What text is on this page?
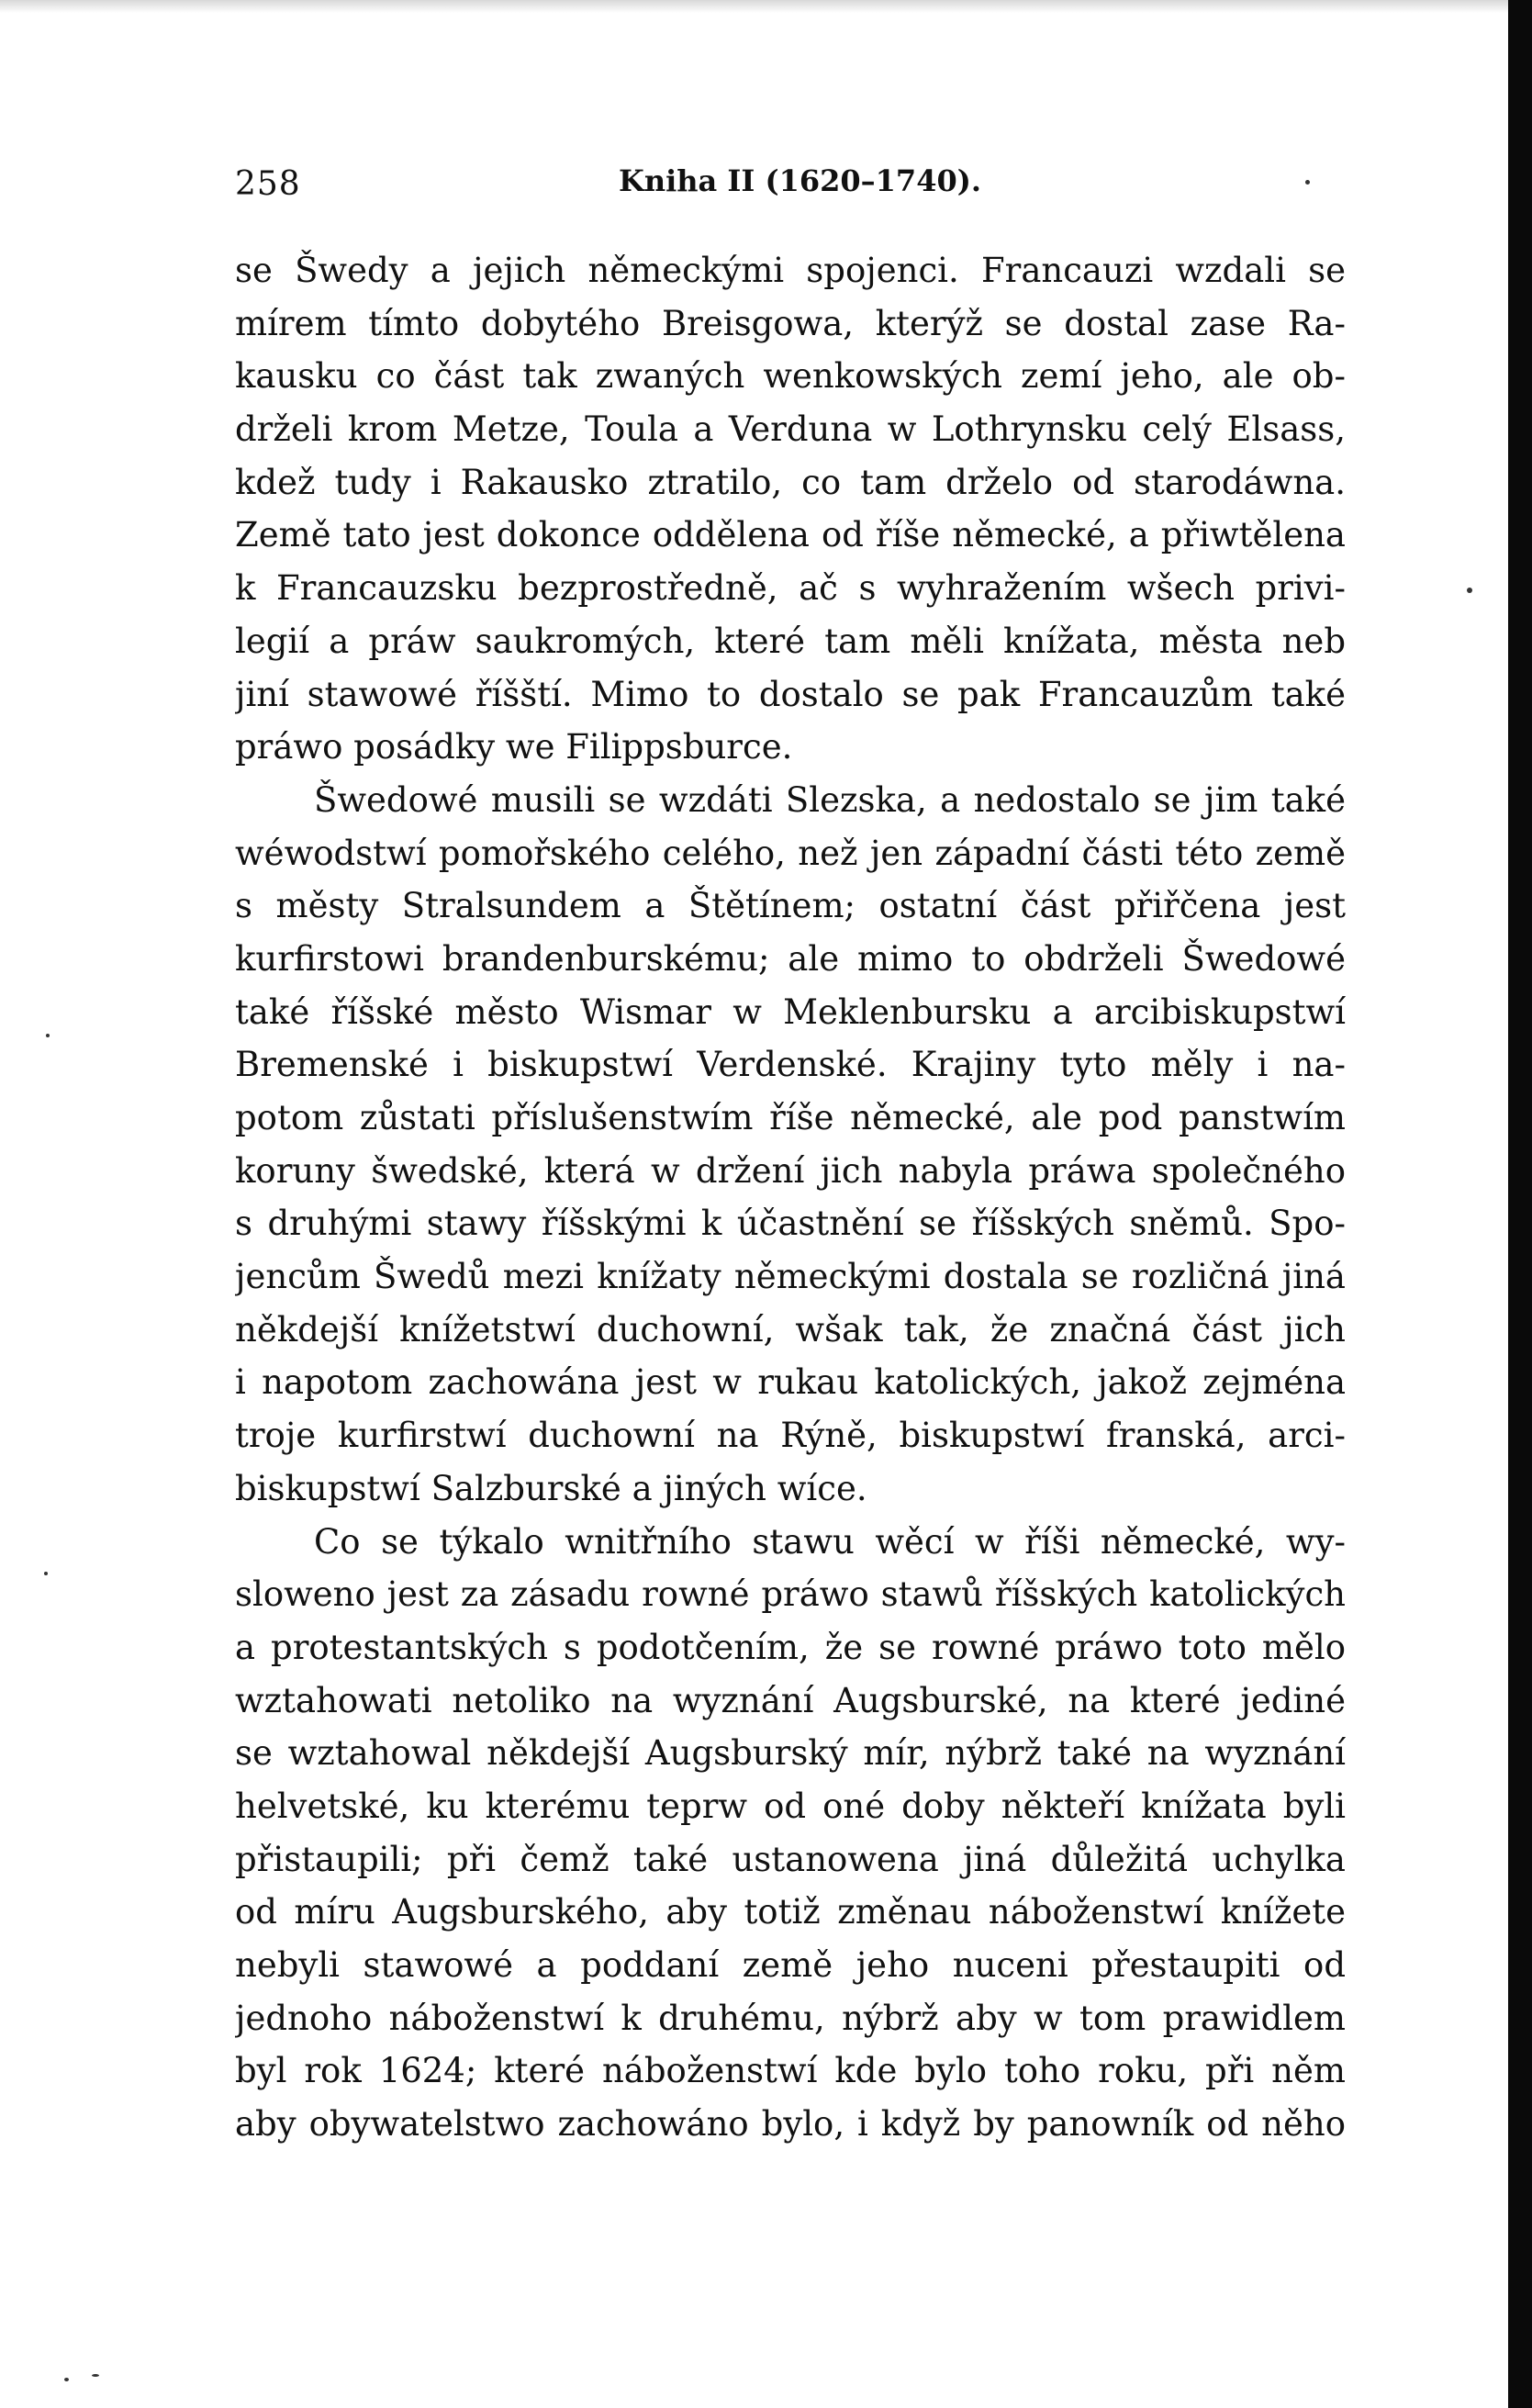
258	Kniha II (1620–1740).
se Šwedy a jejich německými spojenci. Francauzi wzdali se
mírem tímto dobytého Breisgowa, kterýž se dostal zase Ra-
kausku co část tak zwaných wenkowských zemí jeho, ale ob-
drželi krom Metze, Toula a Verduna w Lothrynsku celý Elsass,
kdež tudy i Rakausko ztratilo, co tam drželo od starodáwna.
Země tato jest dokonce oddělena od říše německé, a přiwtělena
k Francauzsku bezprostředně, ač s wyhražením wšech privi-
legií a práw saukromých, které tam měli knížata, města neb
jiní stawowé říšští. Mimo to dostalo se pak Francauzům také
práwo posádky we Filippsburce.
Šwedowé musili se wzdáti Slezska, a nedostalo se jim také
wéwodstwí pomořského celého, než jen západní části této země
s městy Stralsundem a Štětínem; ostatní část přiřčena jest
kurfirstowi brandenburskému; ale mimo to obdrželi Šwedowé
také říšské město Wismar w Meklenbursku a arcibiskupstwí
Bremenské i biskupstwí Verdenské. Krajiny tyto měly i na-
potom zůstati příslušenstwím říše německé, ale pod panstwím
koruny šwedské, která w držení jich nabyla práwa společného
s druhými stawy říšskými k účastnění se říšských sněmů. Spo-
jencům Šwedů mezi knížaty německými dostala se rozličná jiná
někdejší knížetstwí duchowní, wšak tak, že značná část jich
i napotom zachowána jest w rukau katolických, jakož zejména
troje kurfirstwí duchowní na Rýně, biskupstwí franská, arci-
biskupstwí Salzburské a jiných wíce.
Co se týkalo wnitřního stawu wěcí w říši německé, wy-
slоweno jest za zásadu rowné práwo stawů říšských katolických
a protestantských s podotčením, že se rowné práwo toto mělo
wztahowati netoliko na wyznání Augsburské, na které jediné
se wztahowal někdejší Augsburský mír, nýbrž také na wyznání
helvetské, ku kterému teprw od oné doby někteří knížata byli
přistaupili; při čemž také ustanowena jiná důležitá uchylka
od míru Augsburského, aby totiž změnau náboženstwí knížete
nebyli stawowé a poddaní země jeho nuceni přestaupiti od
jednoho náboženstwí k druhému, nýbrž aby w tom prawidlem
byl rok 1624; které náboženstwí kde bylo toho roku, při něm
aby obywatelstwo zachowáno bylo, i když by panowník od něho
